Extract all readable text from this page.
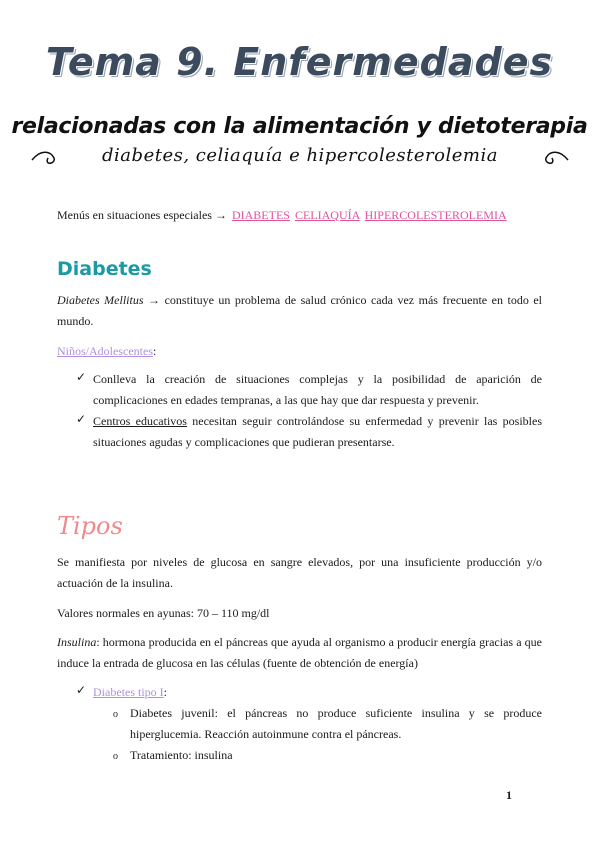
Tema 9. Enfermedades
relacionadas con la alimentación y dietoterapia
diabetes, celiaquía e hipercolesterolemia
Menús en situaciones especiales → DIABETES CELIAQUÍA HIPERCOLESTEROLEMIA
Diabetes
Diabetes Mellitus → constituye un problema de salud crónico cada vez más frecuente en todo el mundo.
Niños/Adolescentes:
✓ Conlleva la creación de situaciones complejas y la posibilidad de aparición de complicaciones en edades tempranas, a las que hay que dar respuesta y prevenir.
✓ Centros educativos necesitan seguir controlándose su enfermedad y prevenir las posibles situaciones agudas y complicaciones que pudieran presentarse.
Tipos
Se manifiesta por niveles de glucosa en sangre elevados, por una insuficiente producción y/o actuación de la insulina.
Valores normales en ayunas: 70 – 110 mg/dl
Insulina: hormona producida en el páncreas que ayuda al organismo a producir energía gracias a que induce la entrada de glucosa en las células (fuente de obtención de energía)
✓ Diabetes tipo I:
o Diabetes juvenil: el páncreas no produce suficiente insulina y se produce hiperglucemia. Reacción autoinmune contra el páncreas.
o Tratamiento: insulina
1
